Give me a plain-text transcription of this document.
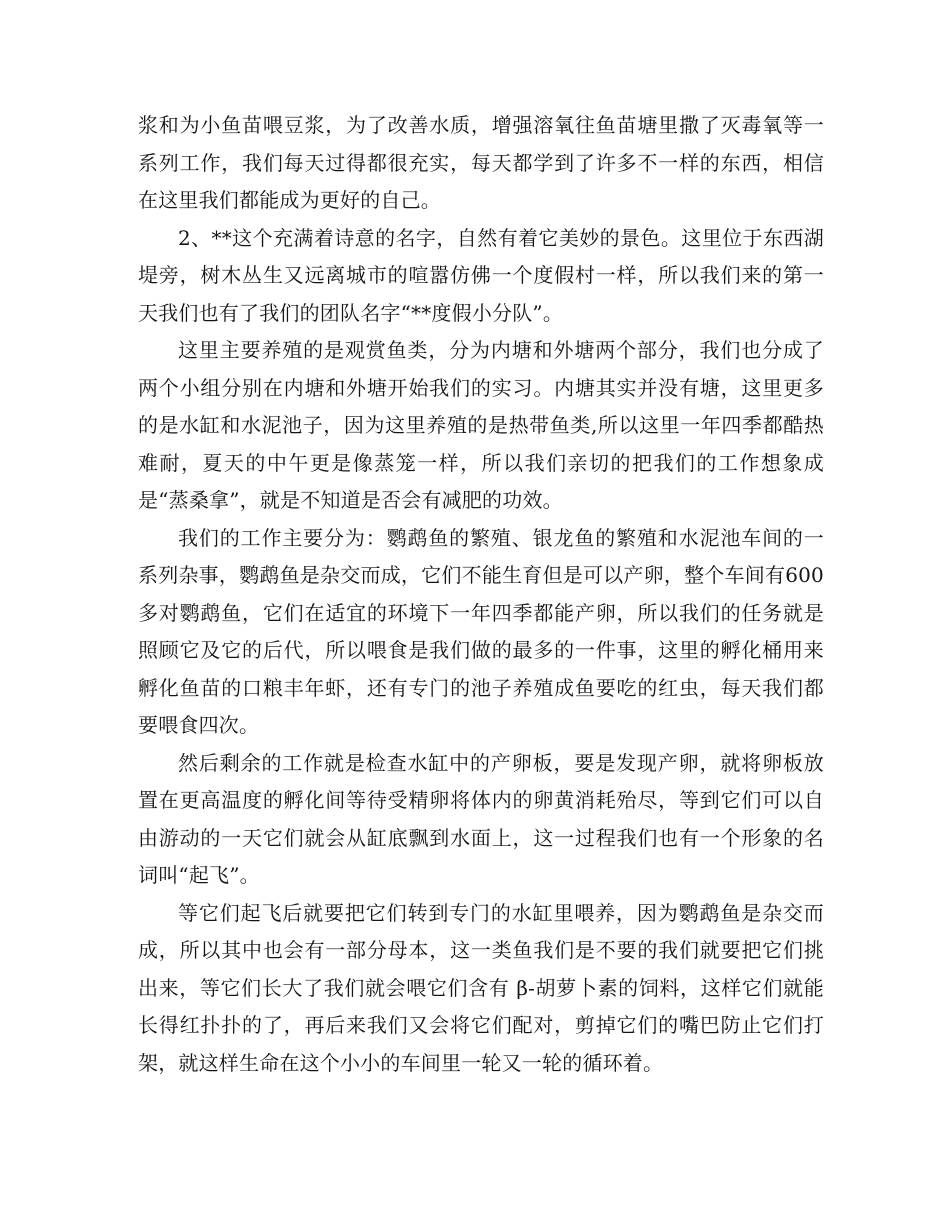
浆和为小鱼苗喂豆浆，为了改善水质，增强溶氧往鱼苗塘里撒了灭毒氧等一系列工作，我们每天过得都很充实，每天都学到了许多不一样的东西，相信在这里我们都能成为更好的自己。

2、**这个充满着诗意的名字，自然有着它美妙的景色。这里位于东西湖堤旁，树木丛生又远离城市的喧嚣仿佛一个度假村一样，所以我们来的第一天我们也有了我们的团队名字“**度假小分队”。

这里主要养殖的是观赏鱼类，分为内塘和外塘两个部分，我们也分成了两个小组分别在内塘和外塘开始我们的实习。内塘其实并没有塘，这里更多的是水缸和水泥池子，因为这里养殖的是热带鱼类,所以这里一年四季都酷热难耐，夏天的中午更是像蒸笼一样，所以我们亲切的把我们的工作想象成是“蒸桑拿”，就是不知道是否会有减肥的功效。

我们的工作主要分为：鹦鹉鱼的繁殖、银龙鱼的繁殖和水泥池车间的一系列杂事，鹦鹉鱼是杂交而成，它们不能生育但是可以产卵，整个车间有600多对鹦鹉鱼，它们在适宜的环境下一年四季都能产卵，所以我们的任务就是照顾它及它的后代，所以喂食是我们做的最多的一件事，这里的孵化桶用来孵化鱼苗的口粮丰年虾，还有专门的池子养殖成鱼要吃的红虫，每天我们都要喂食四次。

然后剩余的工作就是检查水缸中的产卵板，要是发现产卵，就将卵板放置在更高温度的孵化间等待受精卵将体内的卵黄消耗殆尽，等到它们可以自由游动的一天它们就会从缸底飘到水面上，这一过程我们也有一个形象的名词叫“起飞”。

等它们起飞后就要把它们转到专门的水缸里喂养，因为鹦鹉鱼是杂交而成，所以其中也会有一部分母本，这一类鱼我们是不要的我们就要把它们挑出来，等它们长大了我们就会喂它们含有 β-胡萝卜素的饲料，这样它们就能长得红扑扑的了，再后来我们又会将它们配对，剪掉它们的嘴巴防止它们打架，就这样生命在这个小小的车间里一轮又一轮的循环着。
